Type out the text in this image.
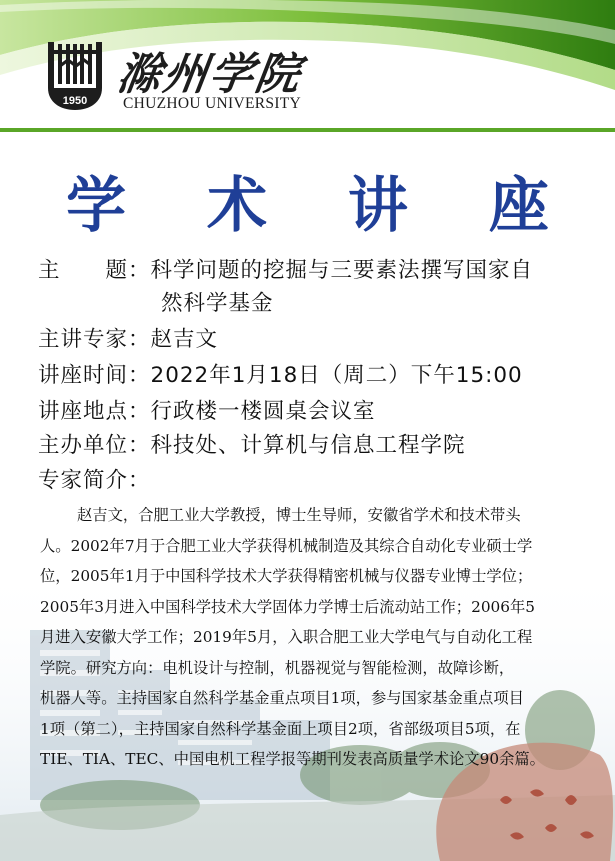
1950
滁州学院
CHUZHOU UNIVERSITY
学 术 讲 座
主　　题：科学问题的挖掘与三要素法撰写国家自
然科学基金
主讲专家：赵吉文
讲座时间：2022年1月18日（周二）下午15:00
讲座地点：行政楼一楼圆桌会议室
主办单位：科技处、计算机与信息工程学院
专家简介：
赵吉文，合肥工业大学教授，博士生导师，安徽省学术和技术带头
人。2002年7月于合肥工业大学获得机械制造及其综合自动化专业硕士学
位，2005年1月于中国科学技术大学获得精密机械与仪器专业博士学位；
2005年3月进入中国科学技术大学固体力学博士后流动站工作；2006年5
月进入安徽大学工作；2019年5月，入职合肥工业大学电气与自动化工程
学院。研究方向：电机设计与控制，机器视觉与智能检测，故障诊断，
机器人等。主持国家自然科学基金重点项目1项，参与国家基金重点项目
1项（第二），主持国家自然科学基金面上项目2项，省部级项目5项，在
TIE、TIA、TEC、中国电机工程学报等期刊发表高质量学术论文90余篇。
